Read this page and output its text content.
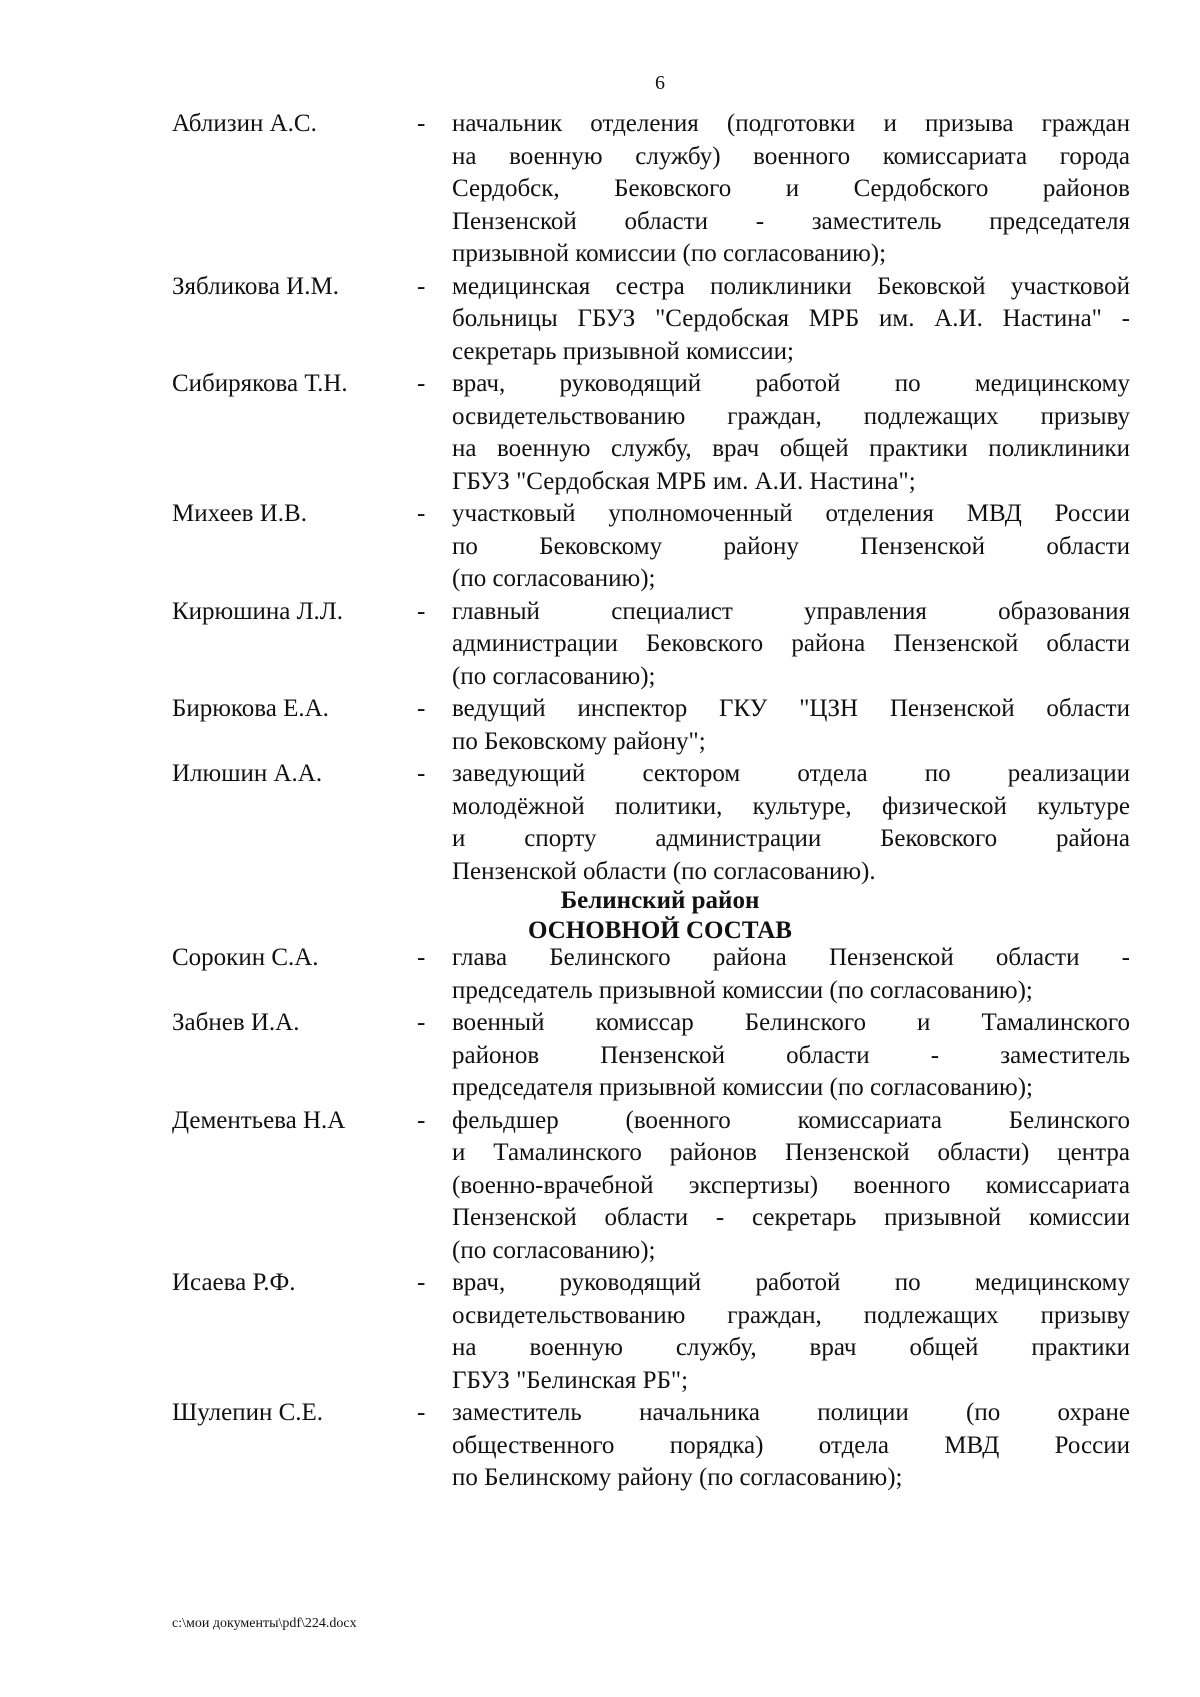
6
Аблизин А.С.	-	начальник отделения (подготовки и призыва граждан
на военную службу) военного комиссариата города
Сердобск, Бековского и Сердобского районов
Пензенской области - заместитель председателя
призывной комиссии (по согласованию);
Зябликова И.М.	-	медицинская сестра поликлиники Бековской участковой
больницы ГБУЗ "Сердобская МРБ им. А.И. Настина" -
секретарь призывной комиссии;
Сибирякова Т.Н.	-	врач, руководящий работой по медицинскому
освидетельствованию граждан, подлежащих призыву
на военную службу, врач общей практики поликлиники
ГБУЗ "Сердобская МРБ им. А.И. Настина";
Михеев И.В.	-	участковый уполномоченный отделения МВД России
по Бековскому району Пензенской области
(по согласованию);
Кирюшина Л.Л.	-	главный специалист управления образования
администрации Бековского района Пензенской области
(по согласованию);
Бирюкова Е.А.	-	ведущий инспектор ГКУ "ЦЗН Пензенской области
по Бековскому району";
Илюшин А.А.	-	заведующий сектором отдела по реализации
молодёжной политики, культуре, физической культуре
и спорту администрации Бековского района
Пензенской области (по согласованию).
Белинский район
ОСНОВНОЙ СОСТАВ
Сорокин С.А.	-	глава Белинского района Пензенской области -
председатель призывной комиссии (по согласованию);
Забнев И.А.	-	военный комиссар Белинского и Тамалинского
районов Пензенской области - заместитель
председателя призывной комиссии (по согласованию);
Дементьева Н.А	-	фельдшер (военного комиссариата Белинского
и Тамалинского районов Пензенской области) центра
(военно-врачебной экспертизы) военного комиссариата
Пензенской области - секретарь призывной комиссии
(по согласованию);
Исаева Р.Ф.	-	врач, руководящий работой по медицинскому
освидетельствованию граждан, подлежащих призыву
на военную службу, врач общей практики
ГБУЗ "Белинская РБ";
Шулепин С.Е.	-	заместитель начальника полиции (по охране
общественного порядка) отдела МВД России
по Белинскому району (по согласованию);
c:\мои документы\pdf\224.docx
